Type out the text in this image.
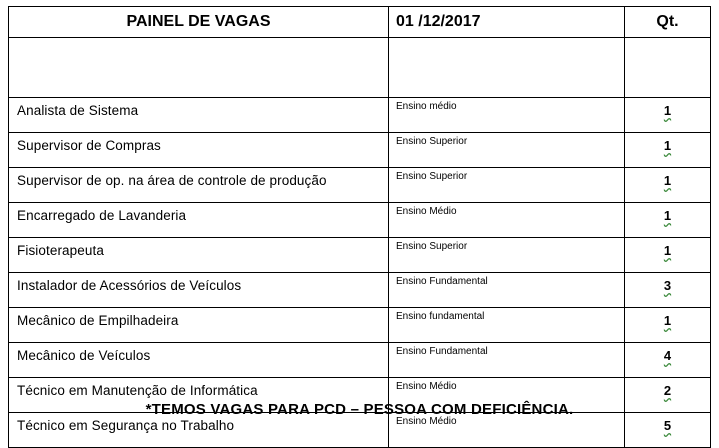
PAINEL DE VAGAS	01 /12/2017	Qt.

Analista de Sistema	Ensino médio	1
Supervisor de Compras	Ensino Superior	1
Supervisor de op. na área de controle de produção	Ensino Superior	1
Encarregado de Lavanderia	Ensino Médio	1
Fisioterapeuta	Ensino Superior	1
Instalador de Acessórios de Veículos	Ensino Fundamental	3
Mecânico de Empilhadeira	Ensino fundamental	1
Mecânico de Veículos	Ensino Fundamental	4
Técnico em Manutenção de Informática	Ensino Médio	2
Técnico em Segurança no Trabalho	Ensino Médio	5
*TEMOS VAGAS PARA PCD – PESSOA COM DEFICIÊNCIA.
